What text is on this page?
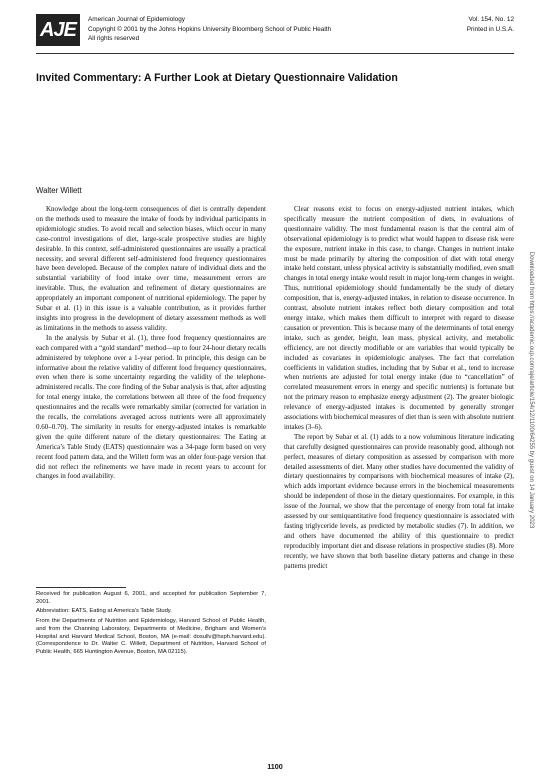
AJE	American Journal of Epidemiology
Copyright © 2001 by the Johns Hopkins University Bloomberg School of Public Health
All rights reserved
Vol. 154, No. 12
Printed in U.S.A.
Invited Commentary: A Further Look at Dietary Questionnaire Validation
Walter Willett

Knowledge about the long-term consequences of diet is centrally dependent on the methods used to measure the intake of foods by individual participants in epidemiologic studies. To avoid recall and selection biases, which occur in many case-control investigations of diet, large-scale prospective studies are highly desirable. In this context, self-administered questionnaires are usually a practical necessity, and several different self-administered food frequency questionnaires have been developed. Because of the complex nature of individual diets and the substantial variability of food intake over time, measurement errors are inevitable. Thus, the evaluation and refinement of dietary questionnaires are appropriately an important component of nutritional epidemiology. The paper by Subar et al. (1) in this issue is a valuable contribution, as it provides further insights into progress in the development of dietary assessment methods as well as limitations in the methods to assess validity.

In the analysis by Subar et al. (1), three food frequency questionnaires are each compared with a “gold standard” method—up to four 24-hour dietary recalls administered by telephone over a 1-year period. In principle, this design can be informative about the relative validity of different food frequency questionnaires, even when there is some uncertainty regarding the validity of the telephone-administered recalls. The core finding of the Subar analysis is that, after adjusting for total energy intake, the correlations between all three of the food frequency questionnaires and the recalls were remarkably similar (corrected for variation in the recalls, the correlations averaged across nutrients were all approximately 0.60–0.70). The similarity in results for energy-adjusted intakes is remarkable given the quite different nature of the dietary questionnaires: The Eating at America’s Table Study (EATS) questionnaire was a 34-page form based on very recent food pattern data, and the Willett form was an older four-page version that did not reflect the refinements we have made in recent years to account for changes in food availability.

Received for publication August 6, 2001, and accepted for publication September 7, 2001.

Abbreviation: EATS, Eating at America’s Table Study.

From the Departments of Nutrition and Epidemiology, Harvard School of Public Health, and from the Channing Laboratory, Departments of Medicine, Brigham and Women’s Hospital and Harvard Medical School, Boston, MA (e-mail: dosullv@hsph.harvard.edu). (Correspondence to Dr. Walter C. Willett, Department of Nutrition, Harvard School of Public Health, 665 Huntington Avenue, Boston, MA 02115).

Clear reasons exist to focus on energy-adjusted nutrient intakes, which specifically measure the nutrient composition of diets, in evaluations of questionnaire validity. The most fundamental reason is that the central aim of observational epidemiology is to predict what would happen to disease risk were the exposure, nutrient intake in this case, to change. Changes in nutrient intake must be made primarily by altering the composition of diet with total energy intake held constant, unless physical activity is substantially modified, even small changes in total energy intake would result in major long-term changes in weight. Thus, nutritional epidemiology should fundamentally be the study of dietary composition, that is, energy-adjusted intakes, in relation to disease occurrence. In contrast, absolute nutrient intakes reflect both dietary composition and total energy intake, which makes them difficult to interpret with regard to disease causation or prevention. This is because many of the determinants of total energy intake, such as gender, height, lean mass, physical activity, and metabolic efficiency, are not directly modifiable or are variables that would typically be included as covariates in epidemiologic analyses. The fact that correlation coefficients in validation studies, including that by Subar et al., tend to increase when nutrients are adjusted for total energy intake (due to “cancellation” of correlated measurement errors in energy and specific nutrients) is fortunate but not the primary reason to emphasize energy adjustment (2). The greater biologic relevance of energy-adjusted intakes is documented by generally stronger associations with biochemical measures of diet than is seen with absolute nutrient intakes (3–6).

The report by Subar et al. (1) adds to a now voluminous literature indicating that carefully designed questionnaires can provide reasonably good, although not perfect, measures of dietary composition as assessed by comparison with more detailed assessments of diet. Many other studies have documented the validity of dietary questionnaires by comparisons with biochemical measures of intake (2), which adds important evidence because errors in the biochemical measurements should be independent of those in the dietary questionnaires. For example, in this issue of the Journal, we show that the percentage of energy from total fat intake assessed by our semiquantitative food frequency questionnaire is associated with fasting triglyceride levels, as predicted by metabolic studies (7). In addition, we and others have documented the ability of this questionnaire to predict reproducibly important diet and disease relations in prospective studies (8). More recently, we have shown that both baseline dietary patterns and change in these patterns predict

Downloaded from https://academic.oup.com/aje/article/154/12/1100/64255 by guest on 14 January 2023
1100
